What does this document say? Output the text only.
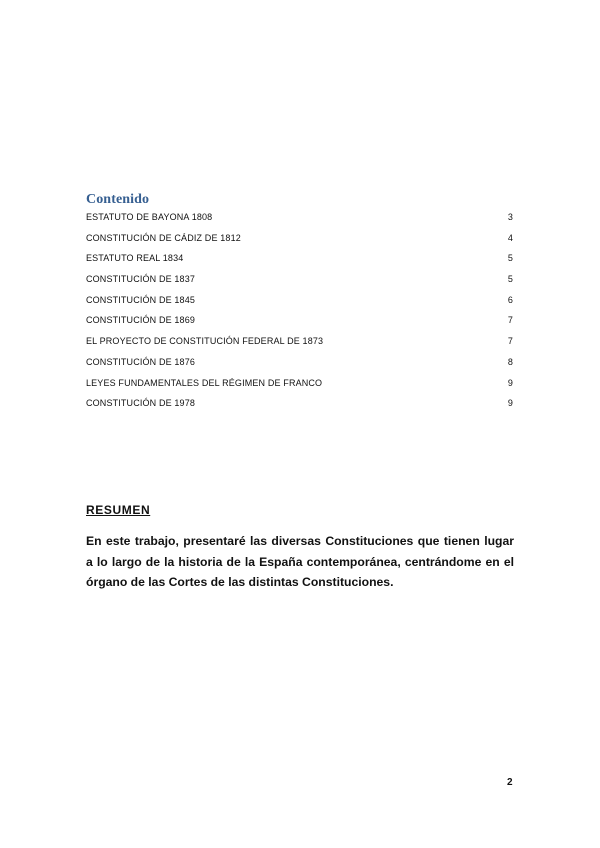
Contenido
ESTATUTO DE BAYONA 1808	3
CONSTITUCIÓN DE CÁDIZ DE 1812	4
ESTATUTO REAL 1834	5
CONSTITUCIÓN DE 1837	5
CONSTITUCIÓN DE 1845	6
CONSTITUCIÓN DE 1869	7
EL PROYECTO DE CONSTITUCIÓN FEDERAL DE 1873	7
CONSTITUCIÓN DE 1876	8
LEYES FUNDAMENTALES DEL RÉGIMEN DE FRANCO	9
CONSTITUCIÓN DE 1978	9
RESUMEN

En este trabajo, presentaré las diversas Constituciones que tienen lugar a lo largo de la historia de la España contemporánea, centrándome en el órgano de las Cortes de las distintas Constituciones.

2
